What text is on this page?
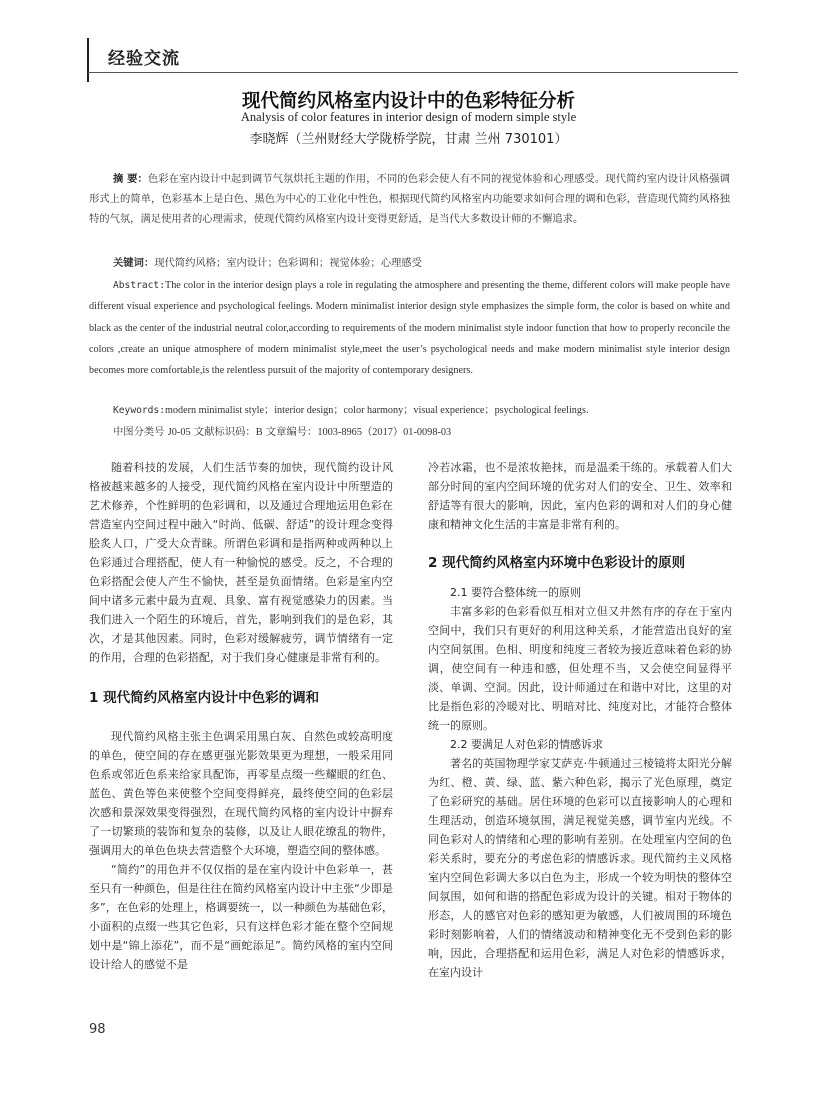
经验交流
现代简约风格室内设计中的色彩特征分析
Analysis of color features in interior design of modern simple style
李晓辉（兰州财经大学陇桥学院，甘肃 兰州 730101）
摘 要：色彩在室内设计中起到调节气氛烘托主题的作用，不同的色彩会使人有不同的视觉体验和心理感受。现代简约室内设计风格强调形式上的简单，色彩基本上是白色、黑色为中心的工业化中性色，根据现代简约风格室内功能要求如何合理的调和色彩，营造现代简约风格独特的气氛，满足使用者的心理需求，使现代简约风格室内设计变得更舒适，是当代大多数设计师的不懈追求。
关键词：现代简约风格；室内设计；色彩调和；视觉体验；心理感受
Abstract:The color in the interior design plays a role in regulating the atmosphere and presenting the theme, different colors will make people have different visual experience and psychological feelings. Modern minimalist interior design style emphasizes the simple form, the color is based on white and black as the center of the industrial neutral color,according to requirements of the modern minimalist style indoor function that how to properly reconcile the colors ,create an unique atmosphere of modern minimalist style,meet the user’s psychological needs and make modern minimalist style interior design becomes more comfortable,is the relentless pursuit of the majority of contemporary designers.
Keywords:modern minimalist style；interior design；color harmony；visual experience；psychological feelings.
中图分类号 J0-05 文献标识码：B 文章编号：1003-8965（2017）01-0098-03

随着科技的发展，人们生活节奏的加快，现代简约设计风格被越来越多的人接受，现代简约风格在室内设计中所塑造的艺术修养，个性鲜明的色彩调和，以及通过合理地运用色彩在营造室内空间过程中融入“时尚、低碳、舒适”的设计理念变得脍炙人口，广受大众青睐。所谓色彩调和是指两种或两种以上色彩通过合理搭配，使人有一种愉悦的感受。反之，不合理的色彩搭配会使人产生不愉快，甚至是负面情绪。色彩是室内空间中诸多元素中最为直观、具象、富有视觉感染力的因素。当我们进入一个陌生的环境后，首先，影响到我们的是色彩，其次，才是其他因素。同时，色彩对缓解疲劳，调节情绪有一定的作用，合理的色彩搭配，对于我们身心健康是非常有利的。

1 现代简约风格室内设计中色彩的调和

现代简约风格主张主色调采用黑白灰、自然色或较高明度的单色，使空间的存在感更强光影效果更为理想，一般采用同色系或邻近色系来给家具配饰，再零星点缀一些耀眼的红色、蓝色、黄色等色来使整个空间变得鲜亮，最终使空间的色彩层次感和景深效果变得强烈，在现代简约风格的室内设计中摒弃了一切繁琐的装饰和复杂的装修，以及让人眼花缭乱的物件，强调用大的单色色块去营造整个大环境，塑造空间的整体感。

“简约”的用色并不仅仅指的是在室内设计中色彩单一，甚至只有一种颜色，但是往往在简约风格室内设计中主张“少即是多”，在色彩的处理上，格调要统一，以一种颜色为基础色彩，小面积的点缀一些其它色彩，只有这样色彩才能在整个空间规划中是“锦上添花”，而不是“画蛇添足”。简约风格的室内空间设计给人的感觉不是

冷若冰霜，也不是浓妆艳抹，而是温柔干练的。承载着人们大部分时间的室内空间环境的优劣对人们的安全、卫生、效率和舒适等有很大的影响，因此，室内色彩的调和对人们的身心健康和精神文化生活的丰富是非常有利的。

2 现代简约风格室内环境中色彩设计的原则
2.1 要符合整体统一的原则

丰富多彩的色彩看似互相对立但又井然有序的存在于室内空间中，我们只有更好的利用这种关系，才能营造出良好的室内空间氛围。色相、明度和纯度三者较为接近意味着色彩的协调，使空间有一种违和感，但处理不当，又会使空间显得平淡、单调、空洞。因此，设计师通过在和谐中对比，这里的对比是指色彩的冷暖对比、明暗对比、纯度对比，才能符合整体统一的原则。

2.2 要满足人对色彩的情感诉求

著名的英国物理学家艾萨克·牛顿通过三棱镜将太阳光分解为红、橙、黄、绿、蓝、紫六种色彩，揭示了光色原理，奠定了色彩研究的基础。居住环境的色彩可以直接影响人的心理和生理活动，创造环境氛围，满足视觉美感，调节室内光线。不同色彩对人的情绪和心理的影响有差别。在处理室内空间的色彩关系时，要充分的考虑色彩的情感诉求。现代简约主义风格室内空间色彩调大多以白色为主，形成一个较为明快的整体空间氛围，如何和谐的搭配色彩成为设计的关键。相对于物体的形态，人的感官对色彩的感知更为敏感，人们被周围的环境色彩时刻影响着，人们的情绪波动和精神变化无不受到色彩的影响，因此，合理搭配和运用色彩，满足人对色彩的情感诉求，在室内设计

98
